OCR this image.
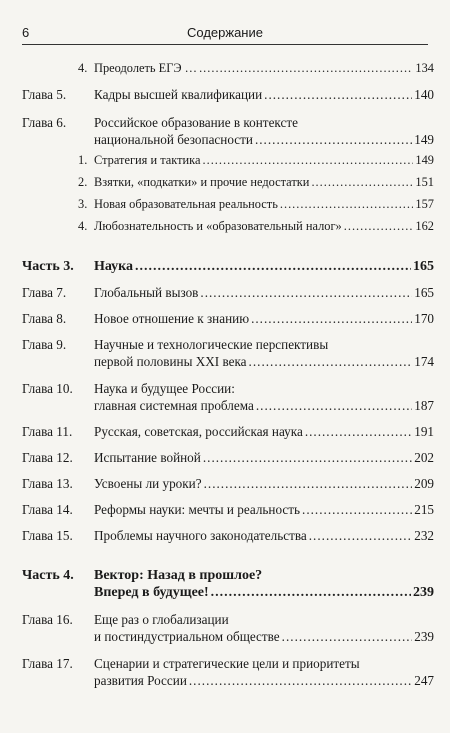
6	Содержание
4. Преодолеть ЕГЭ … .....	134
Глава 5. Кадры высшей квалификации .....	140
Глава 6. Российское образование в контексте
национальной безопасности .....	149
1. Стратегия и тактика .....	149
2. Взятки, «подкатки» и прочие недостатки .....	151
3. Новая образовательная реальность .....	157
4. Любознательность и «образовательный налог» .....	162
Часть 3. Наука .....	165
Глава 7. Глобальный вызов .....	165
Глава 8. Новое отношение к знанию .....	170
Глава 9. Научные и технологические перспективы
первой половины XXI века .....	174
Глава 10. Наука и будущее России:
главная системная проблема .....	187
Глава 11. Русская, советская, российская наука .....	191
Глава 12. Испытание войной .....	202
Глава 13. Усвоены ли уроки? .....	209
Глава 14. Реформы науки: мечты и реальность .....	215
Глава 15. Проблемы научного законодательства .....	232
Часть 4. Вектор: Назад в прошлое?
Вперед в будущее! .....	239
Глава 16. Еще раз о глобализации
и постиндустриальном обществе .....	239
Глава 17. Сценарии и стратегические цели и приоритеты
развития России .....	247
